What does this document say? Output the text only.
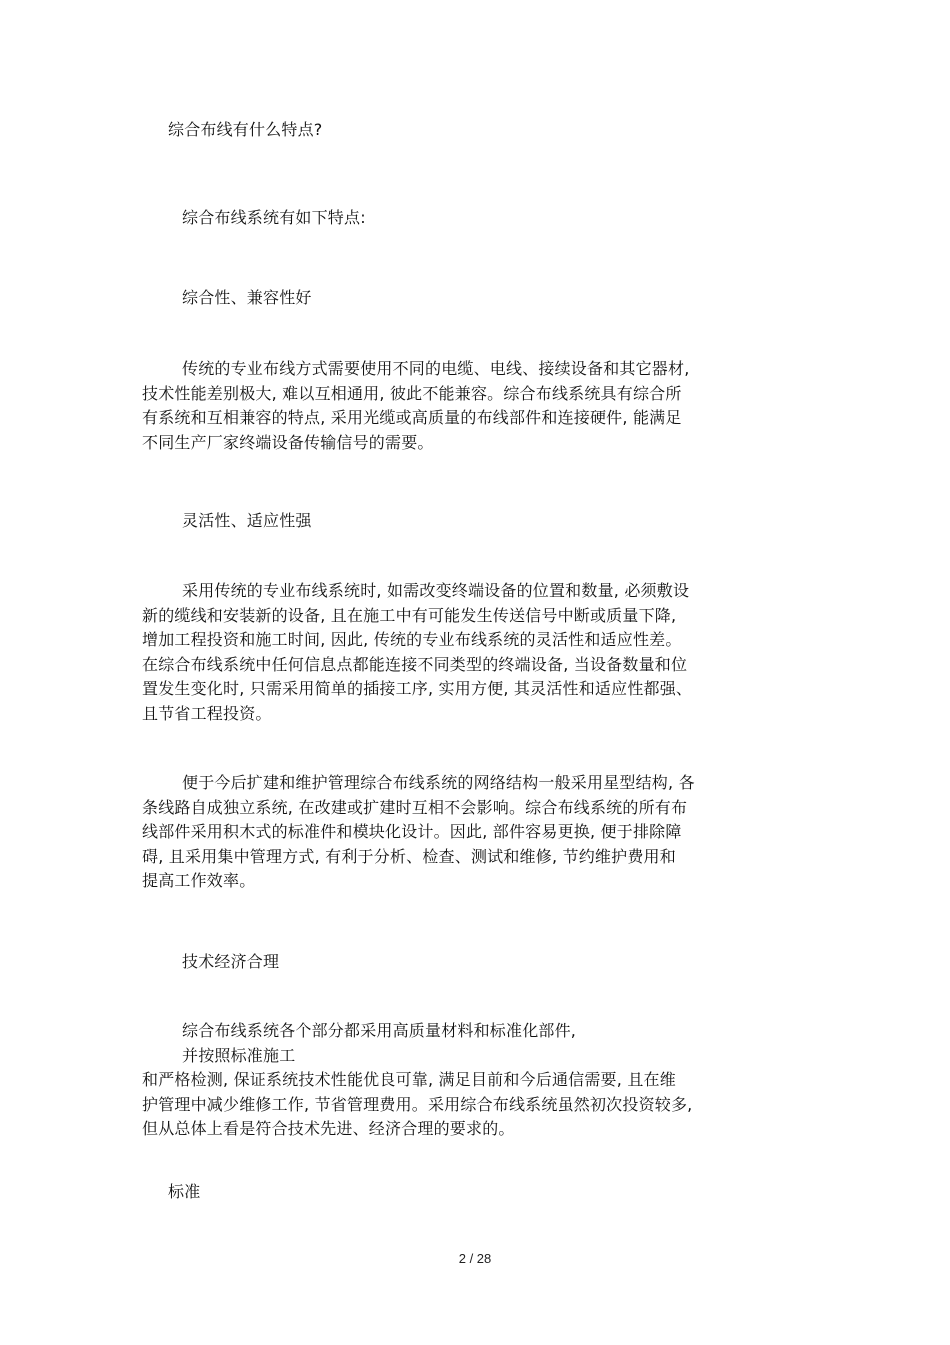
综合布线有什么特点?
综合布线系统有如下特点:
综合性、兼容性好
传统的专业布线方式需要使用不同的电缆、电线、接续设备和其它器材,
技术性能差别极大, 难以互相通用, 彼此不能兼容。综合布线系统具有综合所
有系统和互相兼容的特点, 采用光缆或高质量的布线部件和连接硬件, 能满足
不同生产厂家终端设备传输信号的需要。
灵活性、适应性强
采用传统的专业布线系统时, 如需改变终端设备的位置和数量, 必须敷设
新的缆线和安装新的设备, 且在施工中有可能发生传送信号中断或质量下降,
增加工程投资和施工时间, 因此, 传统的专业布线系统的灵活性和适应性差。
在综合布线系统中任何信息点都能连接不同类型的终端设备, 当设备数量和位
置发生变化时, 只需采用简单的插接工序, 实用方便, 其灵活性和适应性都强、
且节省工程投资。
便于今后扩建和维护管理综合布线系统的网络结构一般采用星型结构, 各
条线路自成独立系统, 在改建或扩建时互相不会影响。综合布线系统的所有布
线部件采用积木式的标准件和模块化设计。因此, 部件容易更换, 便于排除障
碍, 且采用集中管理方式, 有利于分析、检查、测试和维修, 节约维护费用和
提高工作效率。
技术经济合理
综合布线系统各个部分都采用高质量材料和标准化部件,
并按照标准施工
和严格检测, 保证系统技术性能优良可靠, 满足目前和今后通信需要, 且在维
护管理中减少维修工作, 节省管理费用。采用综合布线系统虽然初次投资较多,
但从总体上看是符合技术先进、经济合理的要求的。
标准
2 / 28
